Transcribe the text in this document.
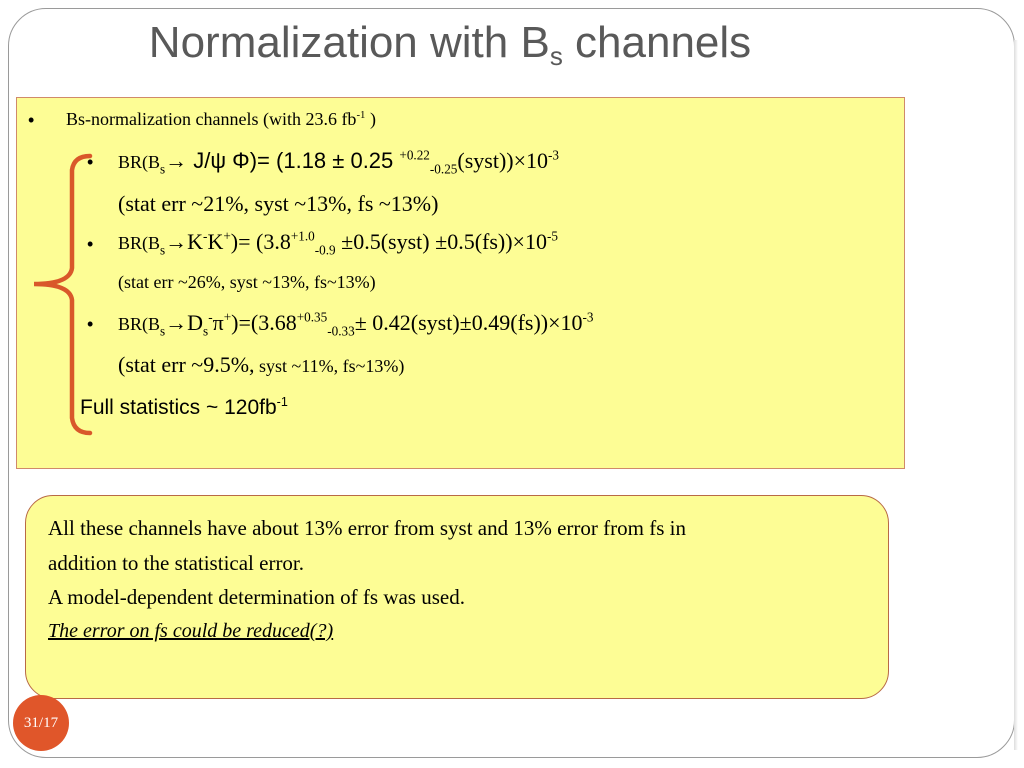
Normalization with $B_s$ channels
• Bs-normalization channels (with 23.6 $fb^{-1}$ )
• $BR(B_s\to J/\psi$ Φ)= (1.18 ± 0.25 $^{+0.22}_{-0.25}(syst))\times 10^{-3}$
(stat err ~21%, syst ~13%, fs ~13%)
• $BR(B_s\to K^-K^+)= (3.8^{+1.0}_{-0.9}$ ±0.5(syst) $\pm 0.5(fs))\times 10^{-5}$
(stat err ~26%, syst ~13%, fs~13%)
• $BR(B_s\to D_s^-\pi^+)=(3.68^{+0.35}_{-0.33}\pm$ $0.42(syst)\pm 0.49(fs))\times 10^{-3}$
(stat err ~9.5%, syst ~11%, fs~13%)
Full statistics ~ $120fb^{-1}$

All these channels have about 13% error from syst and 13% error from fs in

addition to the statistical error.

A model-dependent determination of fs was used.

The error on fs could be reduced(?)

31/17
